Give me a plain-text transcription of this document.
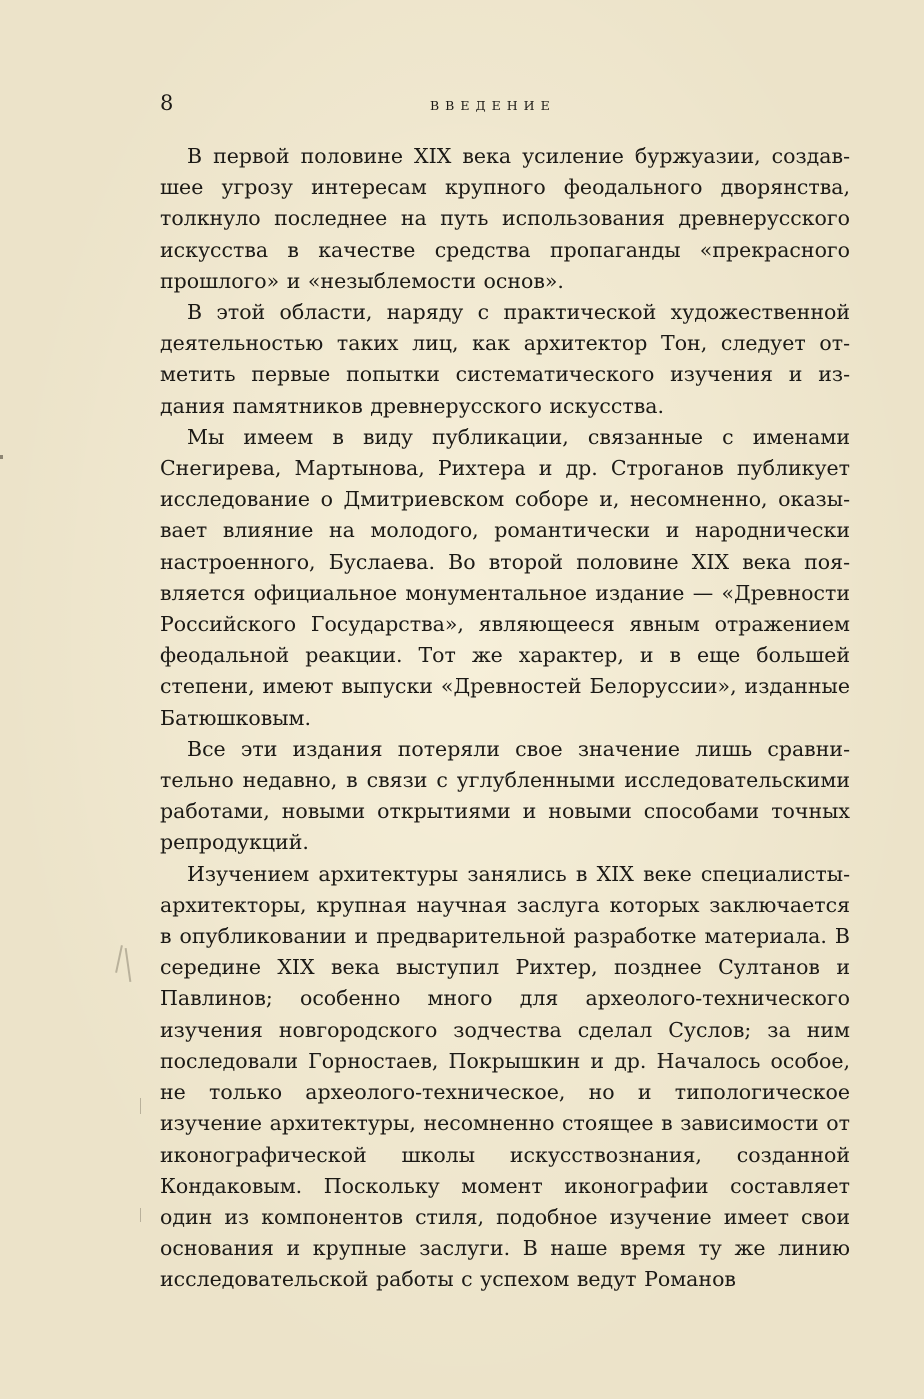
8	ВВЕДЕНИЕ

В первой половине XIX века усиление буржуазии, создавшее угрозу интересам крупного феодального дворянства, толкнуло последнее на путь использования древнерусского искусства в качестве средства пропаганды «прекрасного прошлого» и «незыблемости основ».

В этой области, наряду с практической художественной деятельностью таких лиц, как архитектор Тон, следует отметить первые попытки систематического изучения и издания памятников древнерусского искусства.

Мы имеем в виду публикации, связанные с именами Снегирева, Мартынова, Рихтера и др. Строганов публикует исследование о Дмитриевском соборе и, несомненно, оказывает влияние на молодого, романтически и народнически настроенного, Буслаева. Во второй половине XIX века появляется официальное монументальное издание — «Древности Российского Государства», являющееся явным отражением феодальной реакции. Тот же характер, и в еще большей степени, имеют выпуски «Древностей Белоруссии», изданные Батюшковым.

Все эти издания потеряли свое значение лишь сравнительно недавно, в связи с углубленными исследовательскими работами, новыми открытиями и новыми способами точных репродукций.

Изучением архитектуры занялись в XIX веке специалисты-архитекторы, крупная научная заслуга которых заключается в опубликовании и предварительной разработке материала. В середине XIX века выступил Рихтер, позднее Султанов и Павлинов; особенно много для археолого-технического изучения новгородского зодчества сделал Суслов; за ним последовали Горностаев, Покрышкин и др. Началось особое, не только археолого-техническое, но и типологическое изучение архитектуры, несомненно стоящее в зависимости от иконографической школы искусствознания, созданной Кондаковым. Поскольку момент иконографии составляет один из компонентов стиля, подобное изучение имеет свои основания и крупные заслуги. В наше время ту же линию исследовательской работы с успехом ведут Романов
